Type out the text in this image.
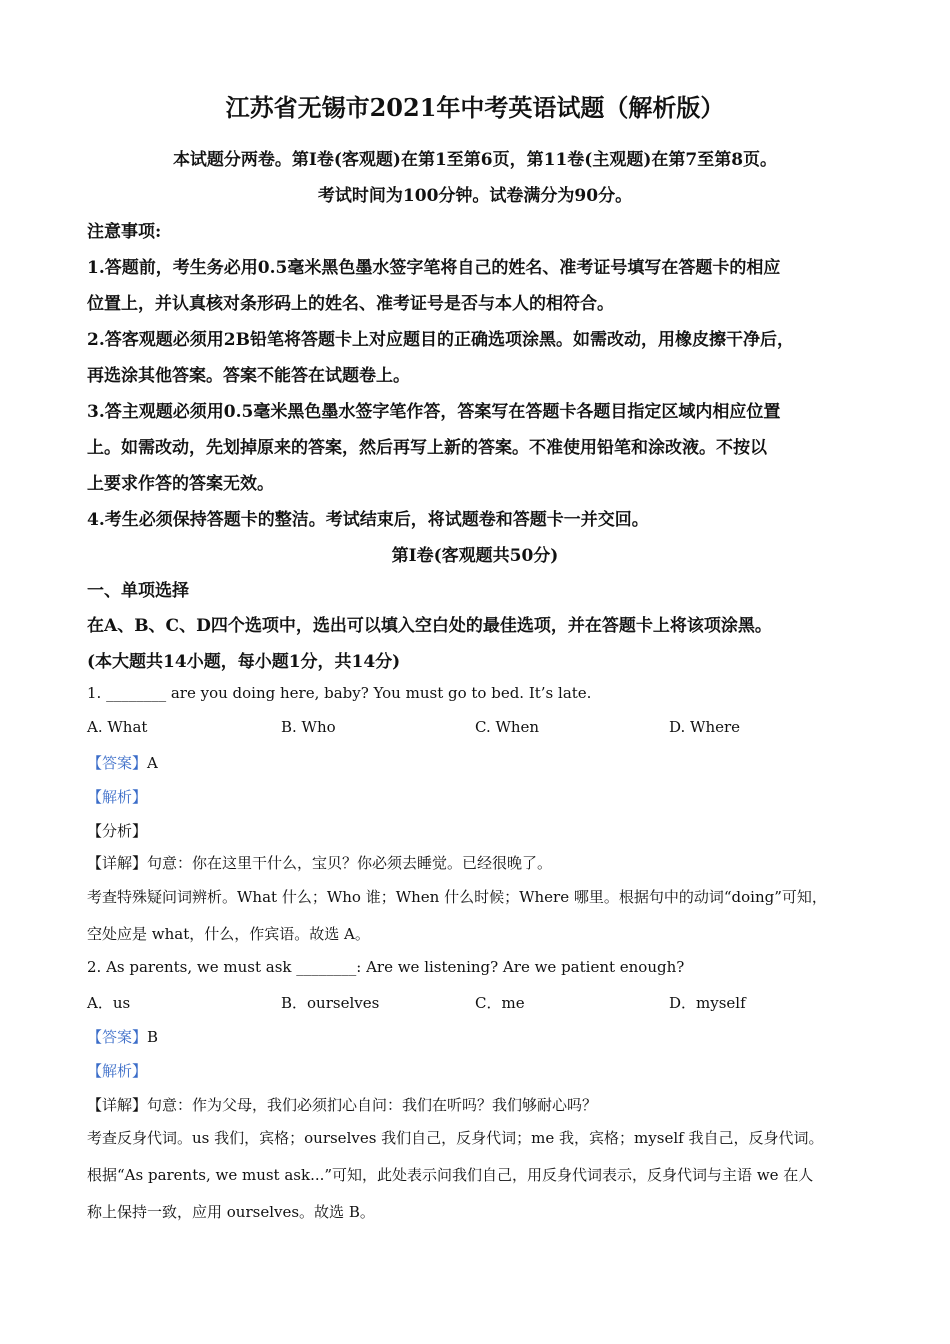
江苏省无锡市2021年中考英语试题（解析版）
本试题分两卷。第I卷(客观题)在第1至第6页，第11卷(主观题)在第7至第8页。
考试时间为100分钟。试卷满分为90分。
注意事项:
1.答题前，考生务必用0.5毫米黑色墨水签字笔将自己的姓名、准考证号填写在答题卡的相应
位置上，并认真核对条形码上的姓名、准考证号是否与本人的相符合。
2.答客观题必须用2B铅笔将答题卡上对应题目的正确选项涂黑。如需改动，用橡皮擦干净后，
再选涂其他答案。答案不能答在试题卷上。
3.答主观题必须用0.5毫米黑色墨水签字笔作答，答案写在答题卡各题目指定区域内相应位置
上。如需改动，先划掉原来的答案，然后再写上新的答案。不准使用铅笔和涂改液。不按以
上要求作答的答案无效。
4.考生必须保持答题卡的整洁。考试结束后，将试题卷和答题卡一并交回。
第I卷(客观题共50分)
一、单项选择
在A、B、C、D四个选项中，选出可以填入空白处的最佳选项，并在答题卡上将该项涂黑。
(本大题共14小题，每小题1分，共14分)
1. ________ are you doing here, baby? You must go to bed. It’s late.
A. What	B. Who	C. When	D. Where
【答案】A
【解析】
【分析】
【详解】句意：你在这里干什么，宝贝？你必须去睡觉。已经很晚了。
考查特殊疑问词辨析。What 什么；Who 谁；When 什么时候；Where 哪里。根据句中的动词“doing”可知，
空处应是 what，什么，作宾语。故选 A。
2. As parents, we must ask ________: Are we listening? Are we patient enough?
A．us	B．ourselves	C．me	D．myself
【答案】B
【解析】
【详解】句意：作为父母，我们必须扪心自问：我们在听吗？我们够耐心吗？
考查反身代词。us 我们，宾格；ourselves 我们自己，反身代词；me 我，宾格；myself 我自己，反身代词。
根据“As parents, we must ask...”可知，此处表示问我们自己，用反身代词表示，反身代词与主语 we 在人
称上保持一致，应用 ourselves。故选 B。
